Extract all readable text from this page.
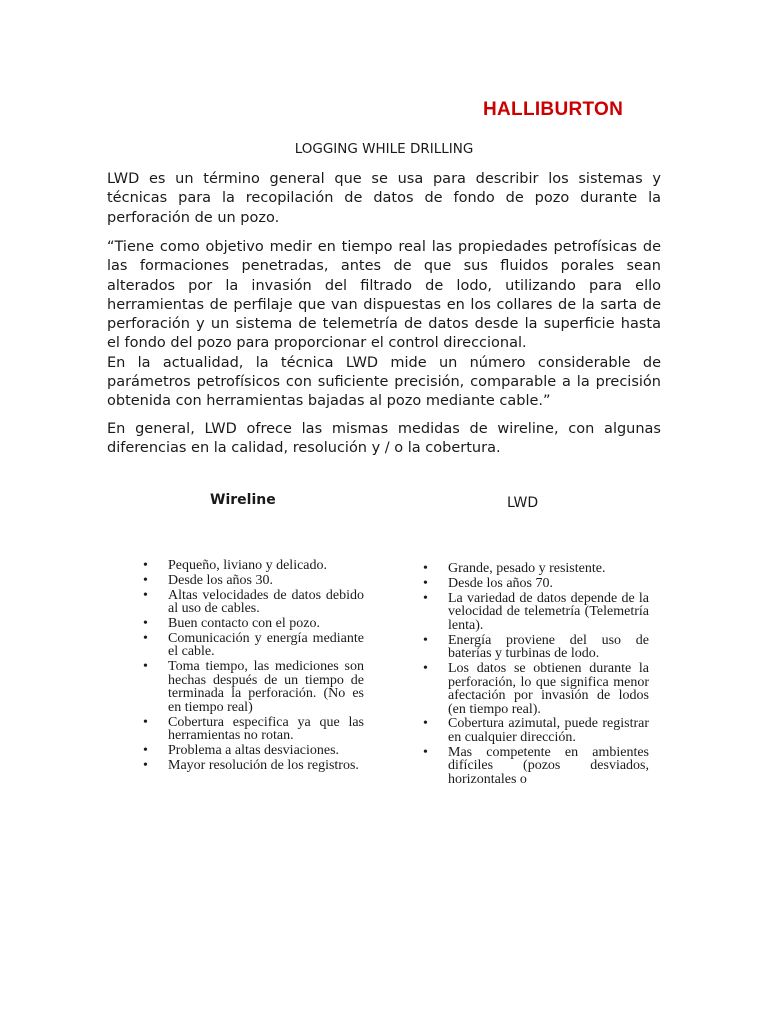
HALLIBURTON
LOGGING WHILE DRILLING

LWD es un término general que se usa para describir los sistemas y técnicas para la recopilación de datos de fondo de pozo durante la perforación de un pozo.

“Tiene como objetivo medir en tiempo real las propiedades petrofísicas de las formaciones penetradas, antes de que sus fluidos porales sean alterados por la invasión del filtrado de lodo, utilizando para ello herramientas de perfilaje que van dispuestas en los collares de la sarta de perforación y un sistema de telemetría de datos desde la superficie hasta el fondo del pozo para proporcionar el control direccional.

En la actualidad, la técnica LWD mide un número considerable de parámetros petrofísicos con suficiente precisión, comparable a la precisión obtenida con herramientas bajadas al pozo mediante cable.”

En general, LWD ofrece las mismas medidas de wireline, con algunas diferencias en la calidad, resolución y / o la cobertura.

Wireline	LWD
• Pequeño, liviano y delicado.
• Desde los años 30.
• Altas velocidades de datos debido al uso de cables.
• Buen contacto con el pozo.
• Comunicación y energía mediante el cable.
• Toma tiempo, las mediciones son hechas después de un tiempo de terminada la perforación. (No es en tiempo real)
• Cobertura especifica ya que las herramientas no rotan.
• Problema a altas desviaciones.
• Mayor resolución de los registros.
• Grande, pesado y resistente.
• Desde los años 70.
• La variedad de datos depende de la velocidad de telemetría (Telemetría lenta).
• Energía proviene del uso de baterías y turbinas de lodo.
• Los datos se obtienen durante la perforación, lo que significa menor afectación por invasión de lodos (en tiempo real).
• Cobertura azimutal, puede registrar en cualquier dirección.
• Mas competente en ambientes difíciles (pozos desviados, horizontales o
